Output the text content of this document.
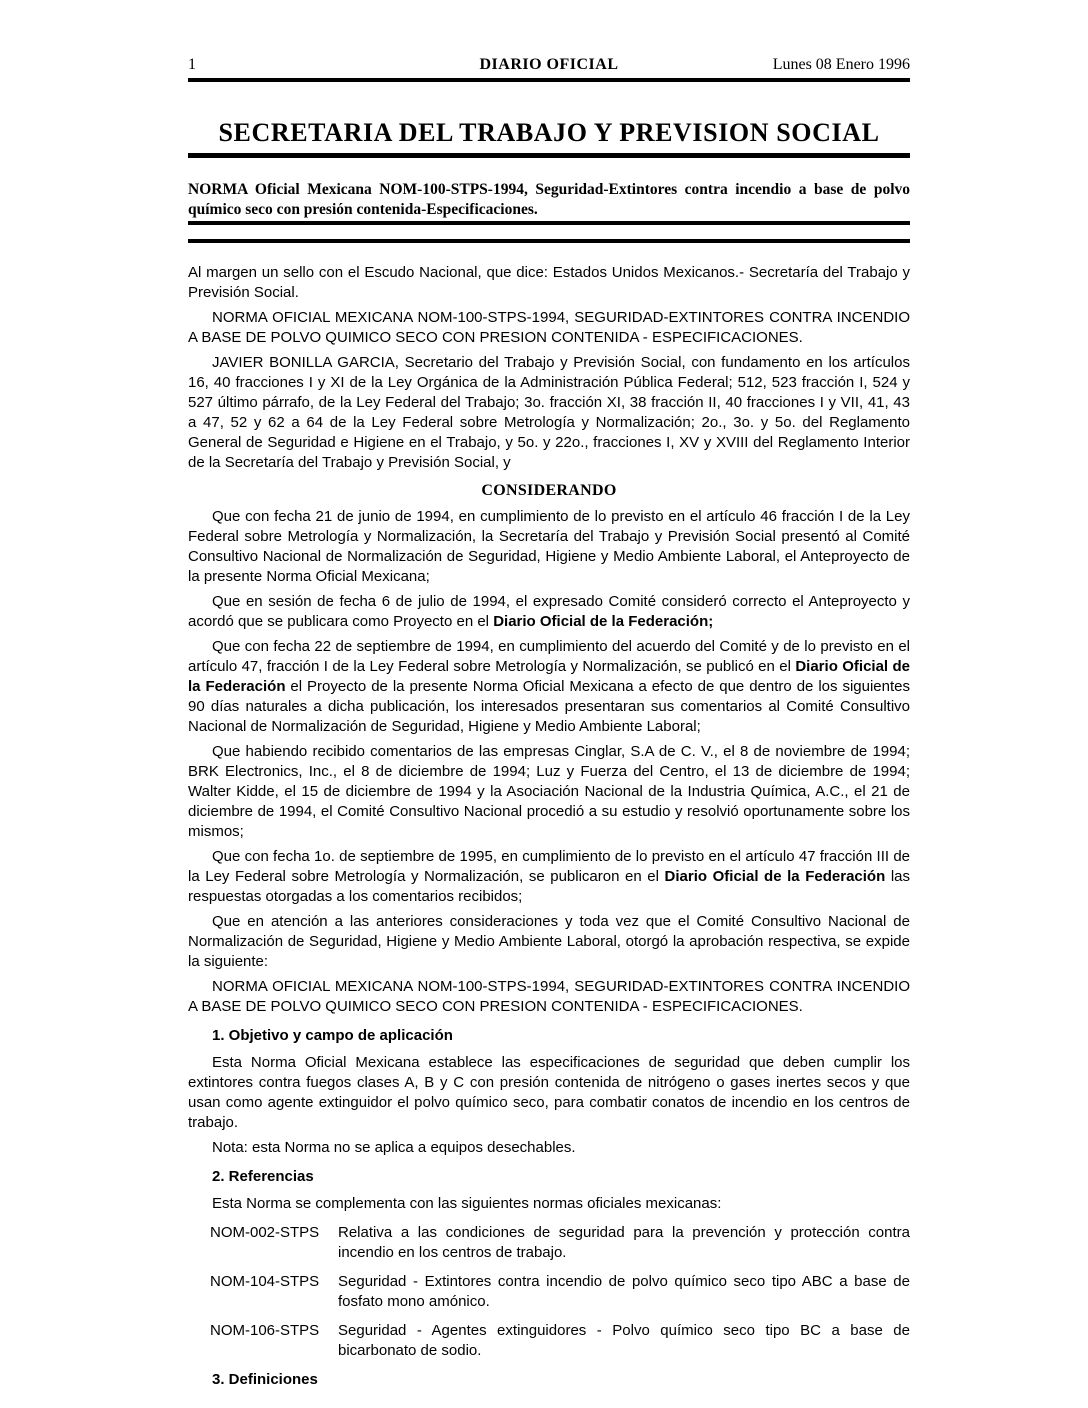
1	DIARIO OFICIAL	Lunes 08 Enero 1996
SECRETARIA DEL TRABAJO Y PREVISION SOCIAL

NORMA Oficial Mexicana NOM-100-STPS-1994, Seguridad-Extintores contra incendio a base de polvo químico seco con presión contenida-Especificaciones.

Al margen un sello con el Escudo Nacional, que dice: Estados Unidos Mexicanos.- Secretaría del Trabajo y Previsión Social.

NORMA OFICIAL MEXICANA NOM-100-STPS-1994, SEGURIDAD-EXTINTORES CONTRA INCENDIO A BASE DE POLVO QUIMICO SECO CON PRESION CONTENIDA - ESPECIFICACIONES.

JAVIER BONILLA GARCIA, Secretario del Trabajo y Previsión Social, con fundamento en los artículos 16, 40 fracciones I y XI de la Ley Orgánica de la Administración Pública Federal; 512, 523 fracción I, 524 y 527 último párrafo, de la Ley Federal del Trabajo; 3o. fracción XI, 38 fracción II, 40 fracciones I y VII, 41, 43 a 47, 52 y 62 a 64 de la Ley Federal sobre Metrología y Normalización; 2o., 3o. y 5o. del Reglamento General de Seguridad e Higiene en el Trabajo, y 5o. y 22o., fracciones I, XV y XVIII del Reglamento Interior de la Secretaría del Trabajo y Previsión Social, y

CONSIDERANDO

Que con fecha 21 de junio de 1994, en cumplimiento de lo previsto en el artículo 46 fracción I de la Ley Federal sobre Metrología y Normalización, la Secretaría del Trabajo y Previsión Social presentó al Comité Consultivo Nacional de Normalización de Seguridad, Higiene y Medio Ambiente Laboral, el Anteproyecto de la presente Norma Oficial Mexicana;

Que en sesión de fecha 6 de julio de 1994, el expresado Comité consideró correcto el Anteproyecto y acordó que se publicara como Proyecto en el Diario Oficial de la Federación;

Que con fecha 22 de septiembre de 1994, en cumplimiento del acuerdo del Comité y de lo previsto en el artículo 47, fracción I de la Ley Federal sobre Metrología y Normalización, se publicó en el Diario Oficial de la Federación el Proyecto de la presente Norma Oficial Mexicana a efecto de que dentro de los siguientes 90 días naturales a dicha publicación, los interesados presentaran sus comentarios al Comité Consultivo Nacional de Normalización de Seguridad, Higiene y Medio Ambiente Laboral;

Que habiendo recibido comentarios de las empresas Cinglar, S.A de C. V., el 8 de noviembre de 1994; BRK Electronics, Inc., el 8 de diciembre de 1994; Luz y Fuerza del Centro, el 13 de diciembre de 1994; Walter Kidde, el 15 de diciembre de 1994 y la Asociación Nacional de la Industria Química, A.C., el 21 de diciembre de 1994, el Comité Consultivo Nacional procedió a su estudio y resolvió oportunamente sobre los mismos;

Que con fecha 1o. de septiembre de 1995, en cumplimiento de lo previsto en el artículo 47 fracción III de la Ley Federal sobre Metrología y Normalización, se publicaron en el Diario Oficial de la Federación las respuestas otorgadas a los comentarios recibidos;

Que en atención a las anteriores consideraciones y toda vez que el Comité Consultivo Nacional de Normalización de Seguridad, Higiene y Medio Ambiente Laboral, otorgó la aprobación respectiva, se expide la siguiente:

NORMA OFICIAL MEXICANA NOM-100-STPS-1994, SEGURIDAD-EXTINTORES CONTRA INCENDIO A BASE DE POLVO QUIMICO SECO CON PRESION CONTENIDA - ESPECIFICACIONES.

1. Objetivo y campo de aplicación

Esta Norma Oficial Mexicana establece las especificaciones de seguridad que deben cumplir los extintores contra fuegos clases A, B y C con presión contenida de nitrógeno o gases inertes secos y que usan como agente extinguidor el polvo químico seco, para combatir conatos de incendio en los centros de trabajo.

Nota: esta Norma no se aplica a equipos desechables.

2. Referencias

Esta Norma se complementa con las siguientes normas oficiales mexicanas:

NOM-002-STPS Relativa a las condiciones de seguridad para la prevención y protección contra incendio en los centros de trabajo.
NOM-104-STPS Seguridad - Extintores contra incendio de polvo químico seco tipo ABC a base de fosfato mono amónico.
NOM-106-STPS Seguridad - Agentes extinguidores - Polvo químico seco tipo BC a base de bicarbonato de sodio.

3. Definiciones
